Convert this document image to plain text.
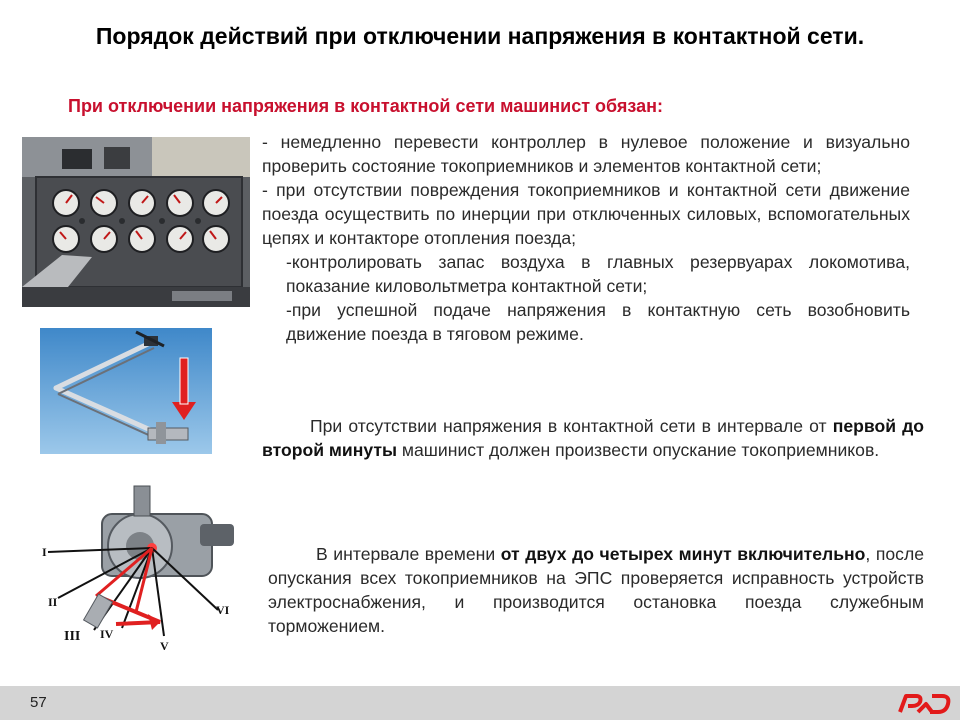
Порядок действий при отключении напряжения в контактной сети.
При отключении напряжения в контактной сети машинист обязан:
I
II
III IV
V
VI

- немедленно перевести контроллер в нулевое положение и визуально проверить состояние токоприемников и элементов контактной сети;

- при отсутствии повреждения токоприемников и контактной сети движение поезда осуществить по инерции при отключенных силовых, вспомогательных цепях и контакторе отопления поезда;

-контролировать запас воздуха в главных резервуарах локомотива, показание киловольтметра контактной сети;

-при успешной подаче напряжения в контактную сеть возобновить движение поезда в тяговом режиме.

При отсутствии напряжения в контактной сети в интервале от первой до второй минуты машинист должен произвести опускание токоприемников.

В интервале времени от двух до четырех минут включительно, после опускания всех токоприемников на ЭПС проверяется исправность устройств электроснабжения, и производится остановка поезда служебным торможением.

57
